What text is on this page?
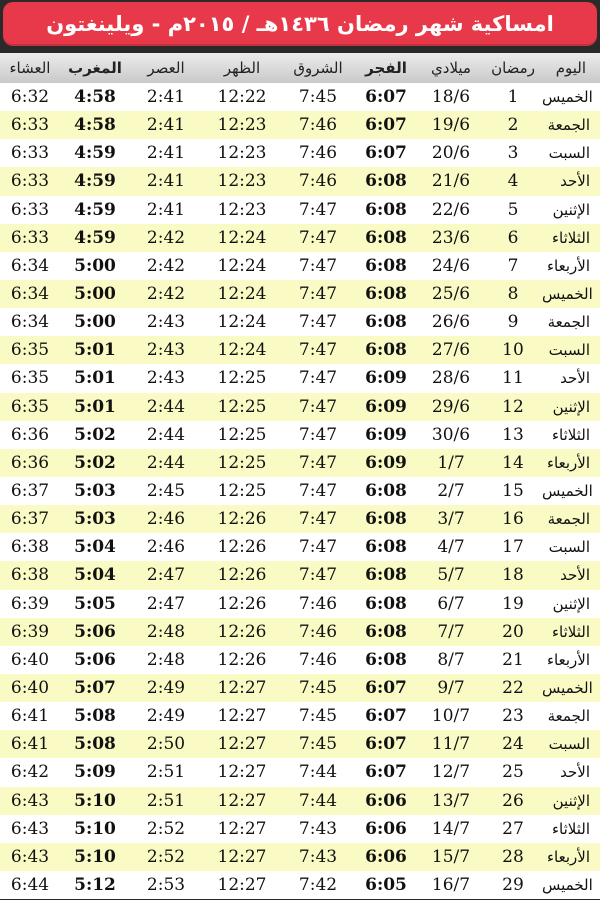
امساكية شهر رمضان ١٤٣٦هـ / ٢٠١٥م - ويلينغتون
العشاء	المغرب	العصر	الظهر	الشروق	الفجر	ميلادي	رمضان	اليوم
6:32	4:58	2:41	12:22	7:45	6:07	18/6	1	الخميس
6:33	4:58	2:41	12:23	7:46	6:07	19/6	2	الجمعة
6:33	4:59	2:41	12:23	7:46	6:07	20/6	3	السبت
6:33	4:59	2:41	12:23	7:46	6:08	21/6	4	الأحد
6:33	4:59	2:41	12:23	7:47	6:08	22/6	5	الإثنين
6:33	4:59	2:42	12:24	7:47	6:08	23/6	6	الثلاثاء
6:34	5:00	2:42	12:24	7:47	6:08	24/6	7	الأربعاء
6:34	5:00	2:42	12:24	7:47	6:08	25/6	8	الخميس
6:34	5:00	2:43	12:24	7:47	6:08	26/6	9	الجمعة
6:35	5:01	2:43	12:24	7:47	6:08	27/6	10	السبت
6:35	5:01	2:43	12:25	7:47	6:09	28/6	11	الأحد
6:35	5:01	2:44	12:25	7:47	6:09	29/6	12	الإثنين
6:36	5:02	2:44	12:25	7:47	6:09	30/6	13	الثلاثاء
6:36	5:02	2:44	12:25	7:47	6:09	1/7	14	الأربعاء
6:37	5:03	2:45	12:25	7:47	6:08	2/7	15	الخميس
6:37	5:03	2:46	12:26	7:47	6:08	3/7	16	الجمعة
6:38	5:04	2:46	12:26	7:47	6:08	4/7	17	السبت
6:38	5:04	2:47	12:26	7:47	6:08	5/7	18	الأحد
6:39	5:05	2:47	12:26	7:46	6:08	6/7	19	الإثنين
6:39	5:06	2:48	12:26	7:46	6:08	7/7	20	الثلاثاء
6:40	5:06	2:48	12:26	7:46	6:08	8/7	21	الأربعاء
6:40	5:07	2:49	12:27	7:45	6:07	9/7	22	الخميس
6:41	5:08	2:49	12:27	7:45	6:07	10/7	23	الجمعة
6:41	5:08	2:50	12:27	7:45	6:07	11/7	24	السبت
6:42	5:09	2:51	12:27	7:44	6:07	12/7	25	الأحد
6:43	5:10	2:51	12:27	7:44	6:06	13/7	26	الإثنين
6:43	5:10	2:52	12:27	7:43	6:06	14/7	27	الثلاثاء
6:43	5:10	2:52	12:27	7:43	6:06	15/7	28	الأربعاء
6:44	5:12	2:53	12:27	7:42	6:05	16/7	29	الخميس
